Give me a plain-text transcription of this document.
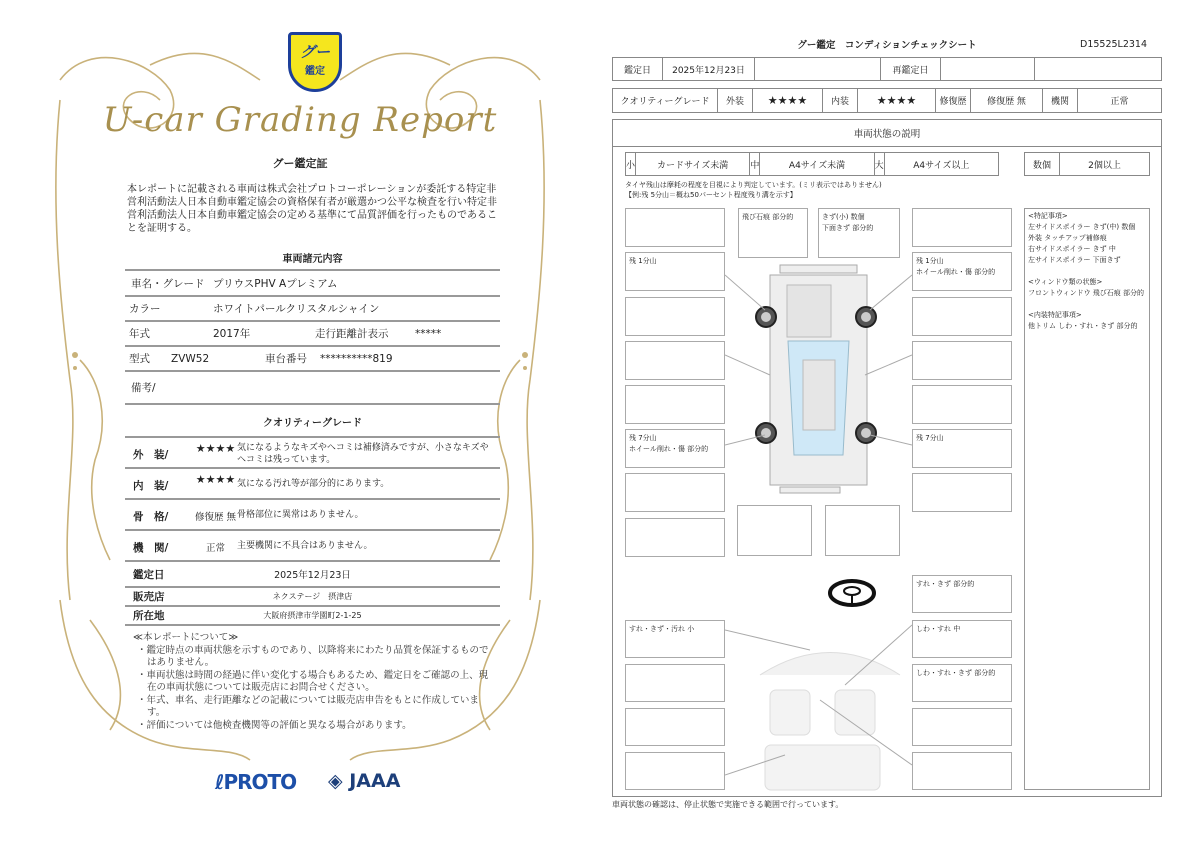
グー
鑑定
U-car Grading Report
グー鑑定証
本レポートに記載される車両は株式会社プロトコーポレーションが委託する特定非営利活動法人日本自動車鑑定協会の資格保有者が厳選かつ公平な検査を行い特定非営利活動法人日本自動車鑑定協会の定める基準にて品質評価を行ったものであることを証明する。
車両諸元内容
車名・グレード プリウスPHV Aプレミアム
カラー	ホワイトパールクリスタルシャイン
年式	2017年	走行距離計表示	*****
型式 ZVW52	車台番号 **********819
備考/
クオリティーグレード
外　装/	★★★★ 気になるようなキズやヘコミは補修済みですが、小さなキズやヘコミは残っています。
内　装/	★★★★ 気になる汚れ等が部分的にあります。
骨　格/	修復歴 無 骨格部位に異常はありません。
機　関/	正常	主要機関に不具合はありません。
鑑定日	2025年12月23日
販売店	ネクステージ　摂津店
所在地	大阪府摂津市学園町2-1-25
≪本レポートについて≫
・鑑定時点の車両状態を示すものであり、以降将来にわたり品質を保証するものではありません。
・車両状態は時間の経過に伴い変化する場合もあるため、鑑定日をご確認の上、現在の車両状態については販売店にお問合せください。
・年式、車名、走行距離などの記載については販売店申告をもとに作成しています。
・評価については他検査機関等の評価と異なる場合があります。
ℓPROTO ◈ JAAA
グー鑑定　コンディションチェックシート	D15525L2314
鑑定日	2025年12月23日	再鑑定日
クオリティーグレード	外装	★★★★	内装	★★★★	修復歴	修復歴 無	機関	正常
車両状態の説明
小	カードサイズ未満	中	A4サイズ未満	大	A4サイズ以上	数個	2個以上
タイヤ残山は摩耗の程度を目視により判定しています。(ミリ表示ではありません)
【例:残 5分山＝概ね50パーセント程度残り溝を示す】
残 1分山
残 7分山
ホイール削れ・傷 部分的
残 1分山
ホイール削れ・傷 部分的
残 7分山
飛び石痕 部分的	きず(小) 数個
下面きず 部分的
すれ・きず・汚れ 小
すれ・きず 部分的
しわ・すれ 中
しわ・すれ・きず 部分的
<特記事項>
左サイドスポイラー きず(中) 数個
外装 タッチアップ補修痕
右サイドスポイラー きず 中
左サイドスポイラー 下面きず

<ウィンドウ類の状態>
フロントウィンドウ 飛び石痕 部分的

<内装特記事項>
他トリム しわ・すれ・きず 部分的
車両状態の確認は、停止状態で実施できる範囲で行っています。
